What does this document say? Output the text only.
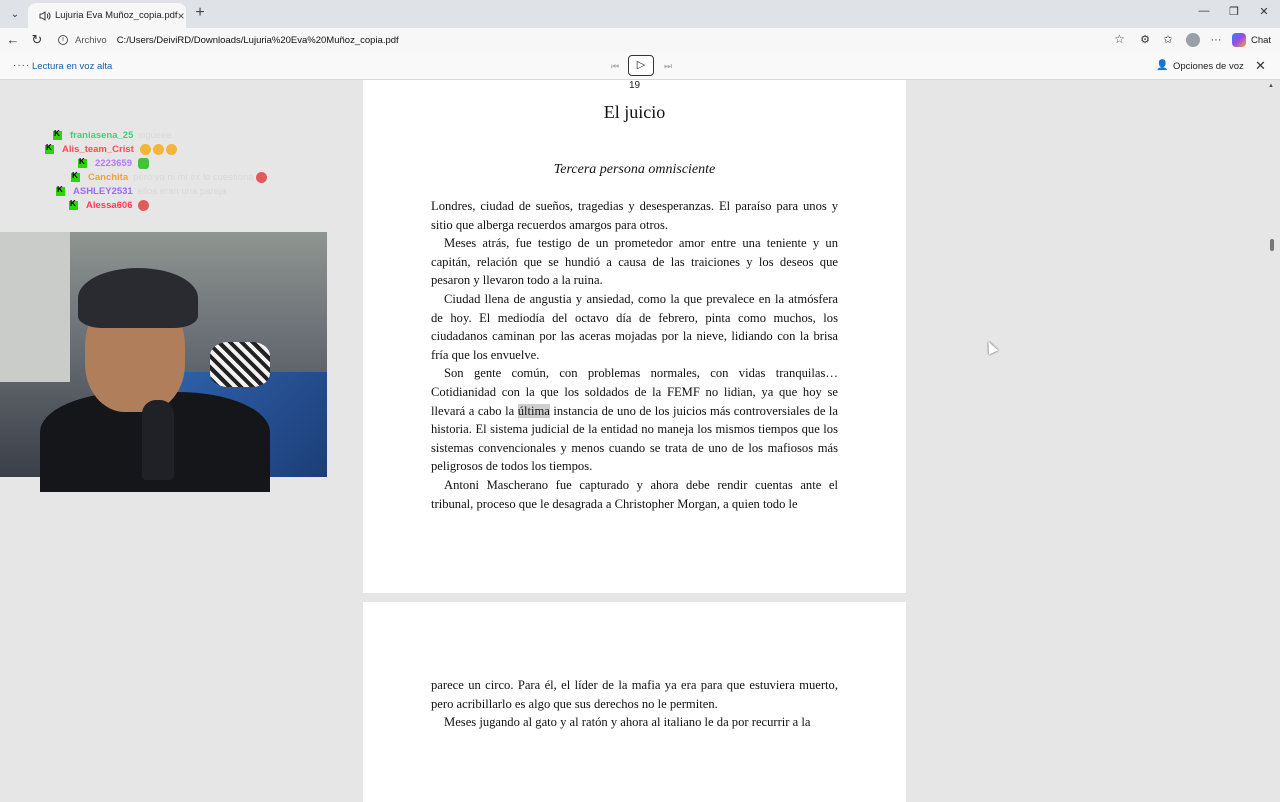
⌄	Lujuria Eva Muñoz_copia.pdf × +	—	❐	✕
← ↻	i	Archivo C:/Users/DeiviRD/Downloads/Lujuria%20Eva%20Muñoz_copia.pdf	☆ ⚙ ✩	···	Chat
···· Lectura en voz alta	⏮	▷	⏭	👤 Opciones de voz ✕
19
El juicio
Tercera persona omnisciente

Londres, ciudad de sueños, tragedias y desesperanzas. El paraíso para unos y sitio que alberga recuerdos amargos para otros.

Meses atrás, fue testigo de un prometedor amor entre una teniente y un capitán, relación que se hundió a causa de las traiciones y los deseos que pesaron y llevaron todo a la ruina.

Ciudad llena de angustia y ansiedad, como la que prevalece en la atmósfera de hoy. El mediodía del octavo día de febrero, pinta como muchos, los ciudadanos caminan por las aceras mojadas por la nieve, lidiando con la brisa fría que los envuelve.

Son gente común, con problemas normales, con vidas tranquilas… Cotidianidad con la que los soldados de la FEMF no lidian, ya que hoy se llevará a cabo la última instancia de uno de los juicios más controversiales de la historia. El sistema judicial de la entidad no maneja los mismos tiempos que los sistemas convencionales y menos cuando se trata de uno de los mafiosos más peligrosos de todos los tiempos.

Antoni Mascherano fue capturado y ahora debe rendir cuentas ante el tribunal, proceso que le desagrada a Christopher Morgan, a quien todo le

parece un circo. Para él, el líder de la mafia ya era para que estuviera muerto, pero acribillarlo es algo que sus derechos no le permiten.

Meses jugando al gato y al ratón y ahora al italiano le da por recurrir a la

▲
K
franiasena_25 sigueee
K
Alis_team_Crist
K
2223659
K
Canchita pero ya ni mi ex lo cuestiona
K
ASHLEY2531 ellos eran una pareja
K
Alessa606
